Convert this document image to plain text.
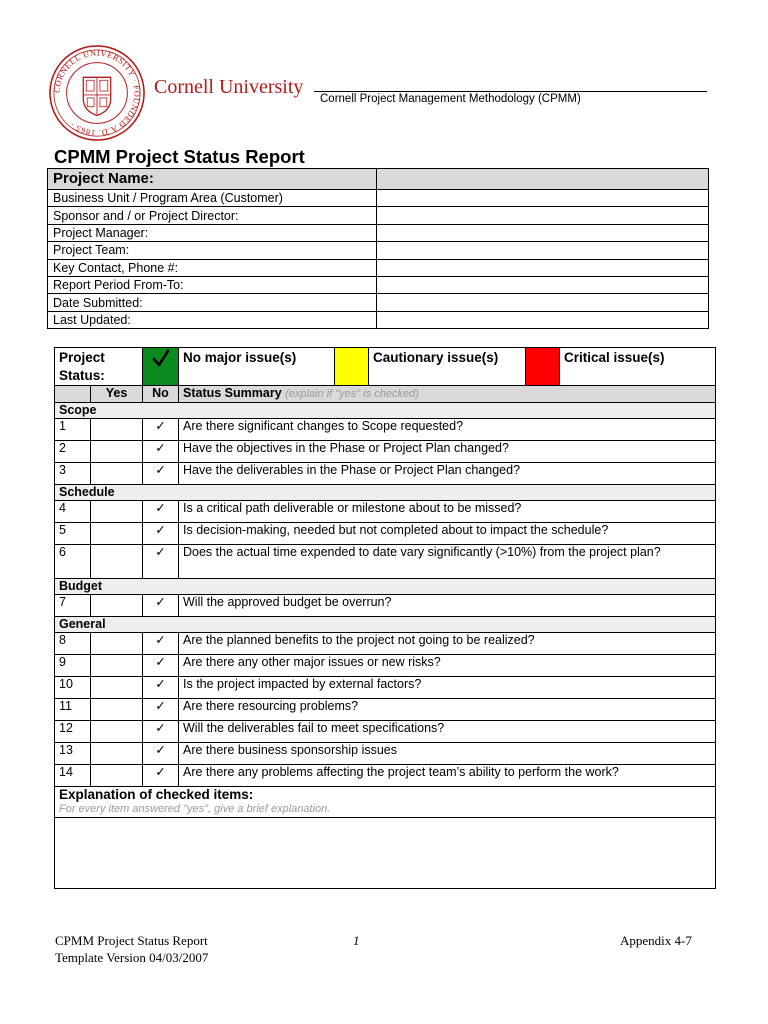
CORNELL UNIVERSITY · FOUNDED A.D. 1865 ·
Cornell University
Cornell Project Management Methodology (CPMM)
CPMM Project Status Report
Project Name:	
Business Unit / Program Area (Customer)	
Sponsor and / or Project Director:	
Project Manager:	
Project Team:	
Key Contact, Phone #:	
Report Period From-To:	
Date Submitted:	
Last Updated:	
Project Status:			No major issue(s)		Cautionary issue(s)		Critical issue(s)
	Yes	No	Status Summary (explain if "yes" is checked)				
Scope							
1		✓	Are there significant changes to Scope requested?				
2		✓	Have the objectives in the Phase or Project Plan changed?				
3		✓	Have the deliverables in the Phase or Project Plan changed?				
Schedule							
4		✓	Is a critical path deliverable or milestone about to be missed?				
5		✓	Is decision-making, needed but not completed about to impact the schedule?				
6		✓	Does the actual time expended to date vary significantly (>10%) from the project plan?				
Budget							
7		✓	Will the approved budget be overrun?				
General							
8		✓	Are the planned benefits to the project not going to be realized?				
9		✓	Are there any other major issues or new risks?				
10		✓	Is the project impacted by external factors?				
11		✓	Are there resourcing problems?				
12		✓	Will the deliverables fail to meet specifications?				
13		✓	Are there business sponsorship issues				
14		✓	Are there any problems affecting the project team’s ability to perform the work?				

Explanation of checked items:
For every item answered "yes", give a brief explanation.							

CPMM Project Status Report
Template Version 04/03/2007
1	Appendix 4-7
